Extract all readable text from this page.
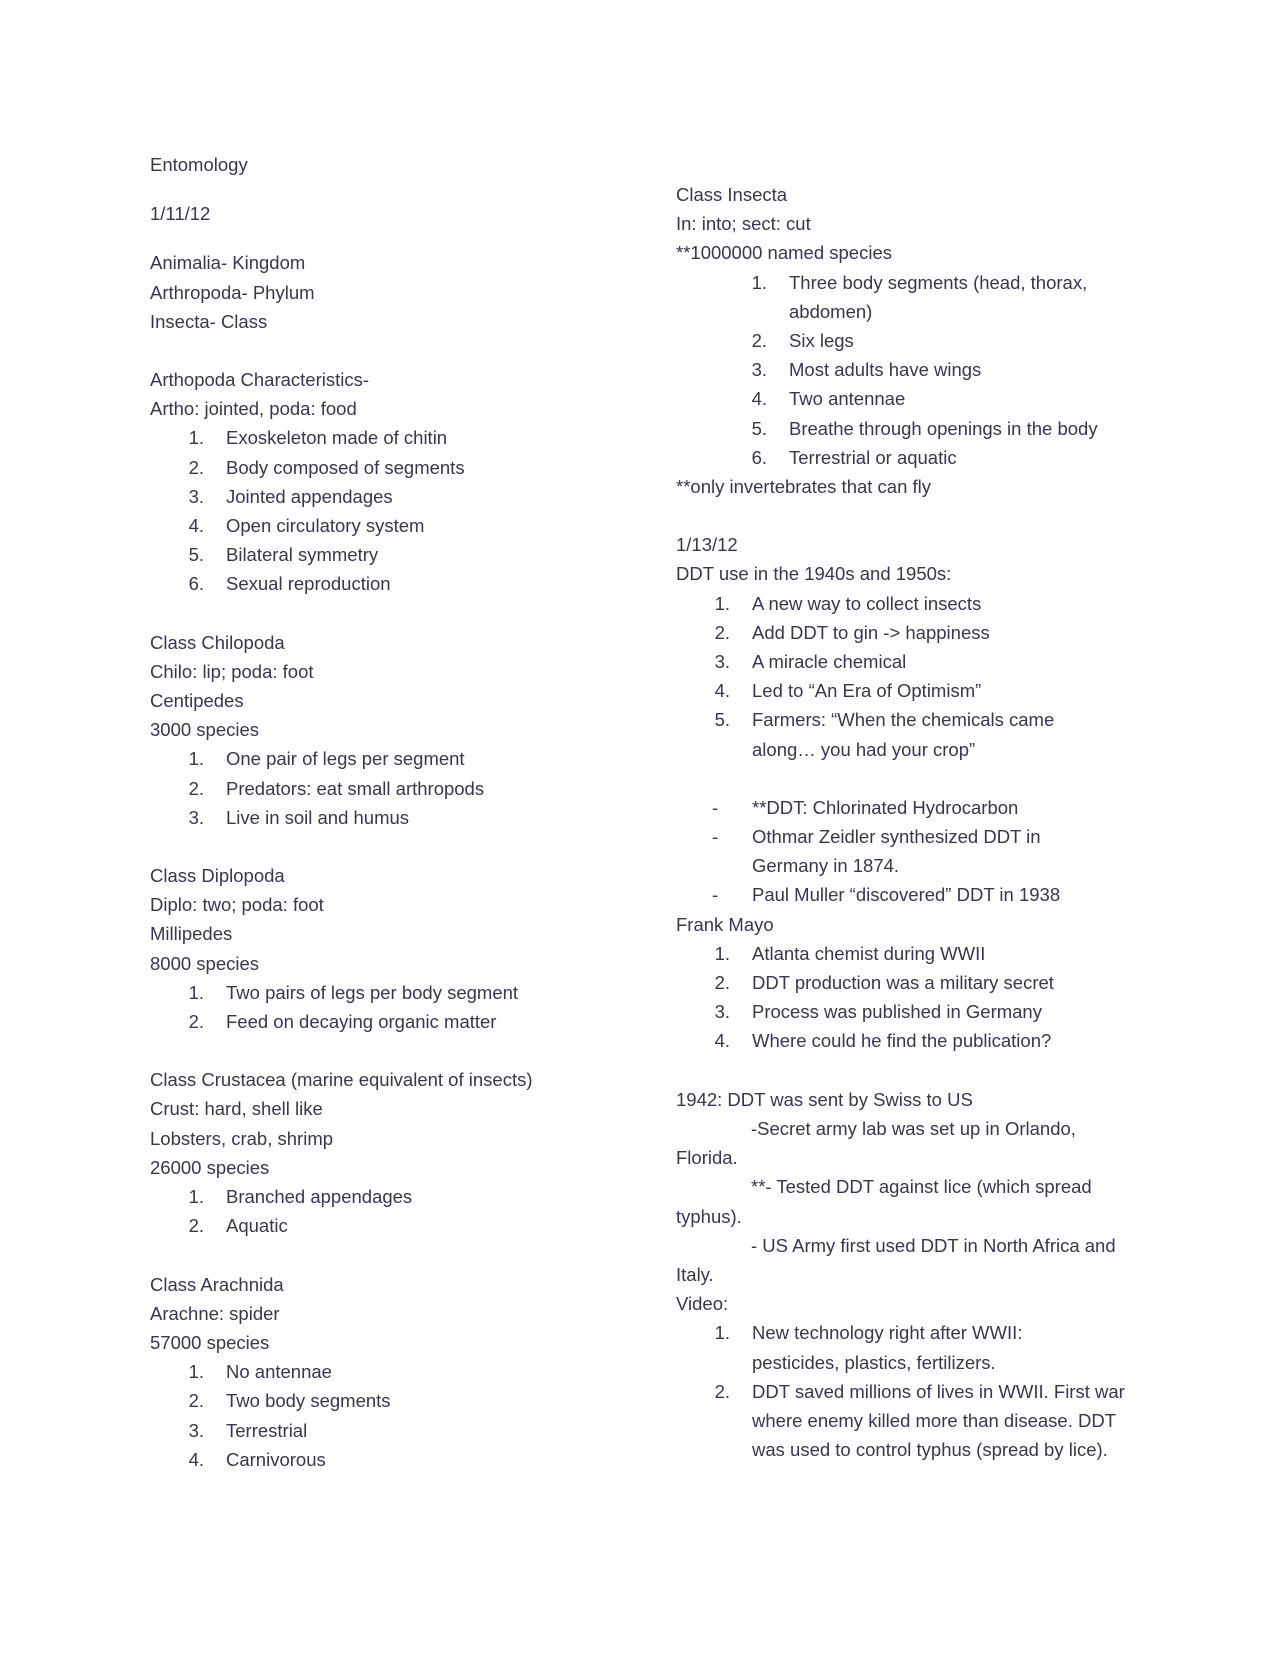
Entomology

1/11/12

Animalia- Kingdom

Arthropoda- Phylum

Insecta- Class

Arthopoda Characteristics-

Artho: jointed, poda: food

1.	Exoskeleton made of chitin
2.	Body composed of segments
3.	Jointed appendages
4.	Open circulatory system
5.	Bilateral symmetry
6.	Sexual reproduction

Class Chilopoda

Chilo: lip; poda: foot

Centipedes

3000 species

1.	One pair of legs per segment
2.	Predators: eat small arthropods
3.	Live in soil and humus

Class Diplopoda

Diplo: two; poda: foot

Millipedes

8000 species

1.	Two pairs of legs per body segment
2.	Feed on decaying organic matter

Class Crustacea (marine equivalent of insects)

Crust: hard, shell like

Lobsters, crab, shrimp

26000 species

1.	Branched appendages
2.	Aquatic

Class Arachnida

Arachne: spider

57000 species

1.	No antennae
2.	Two body segments
3.	Terrestrial
4.	Carnivorous

Class Insecta

In: into; sect: cut

**1000000 named species

1.	Three body segments (head, thorax, abdomen)
2.	Six legs
3.	Most adults have wings
4.	Two antennae
5.	Breathe through openings in the body
6.	Terrestrial or aquatic

**only invertebrates that can fly

1/13/12

DDT use in the 1940s and 1950s:

1.	A new way to collect insects
2.	Add DDT to gin -> happiness
3.	A miracle chemical
4.	Led to “An Era of Optimism”
5.	Farmers: “When the chemicals came along… you had your crop”
-	**DDT: Chlorinated Hydrocarbon
-	Othmar Zeidler synthesized DDT in Germany in 1874.
-	Paul Muller “discovered” DDT in 1938

Frank Mayo

1.	Atlanta chemist during WWII
2.	DDT production was a military secret
3.	Process was published in Germany
4.	Where could he find the publication?

1942: DDT was sent by Swiss to US

-Secret army lab was set up in Orlando,

Florida.

**- Tested DDT against lice (which spread

typhus).

- US Army first used DDT in North Africa and

Italy.

Video:

1.	New technology right after WWII: pesticides, plastics, fertilizers.
2.	DDT saved millions of lives in WWII. First war where enemy killed more than disease. DDT was used to control typhus (spread by lice).
